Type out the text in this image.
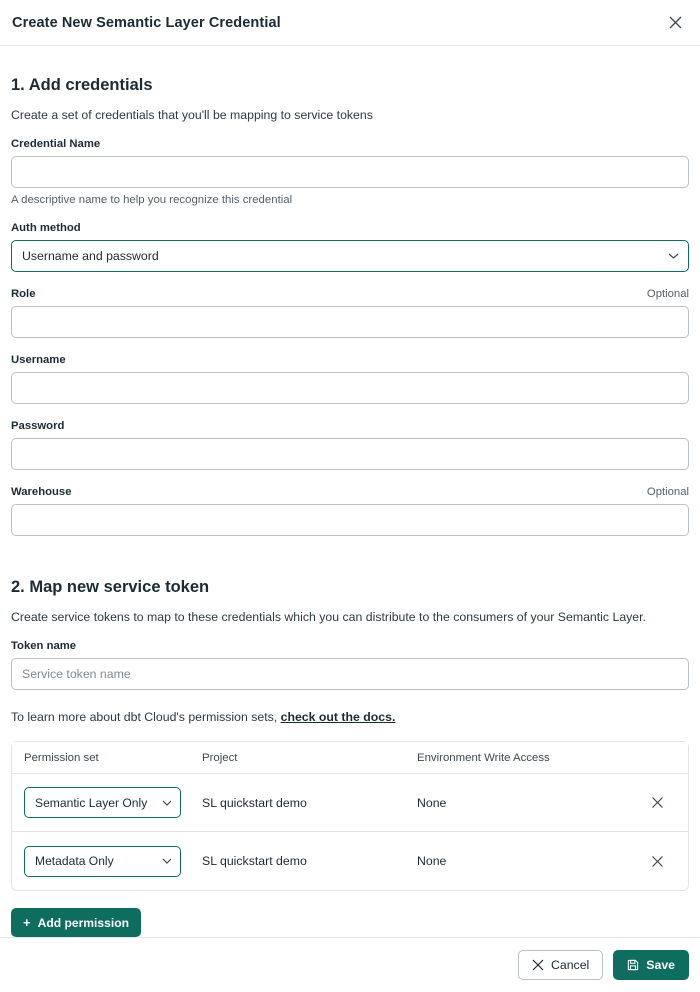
Create New Semantic Layer Credential
1. Add credentials
Create a set of credentials that you'll be mapping to service tokens
Credential Name
A descriptive name to help you recognize this credential
Auth method
Username and password
Role	Optional
Username
Password
Warehouse	Optional
2. Map new service token
Create service tokens to map to these credentials which you can distribute to the consumers of your Semantic Layer.
Token name
Service token name
To learn more about dbt Cloud's permission sets, check out the docs.
Permission set	Project	Environment Write Access
Semantic Layer Only	SL quickstart demo	None
Metadata Only	SL quickstart demo	None
+ Add permission
Cancel	Save
